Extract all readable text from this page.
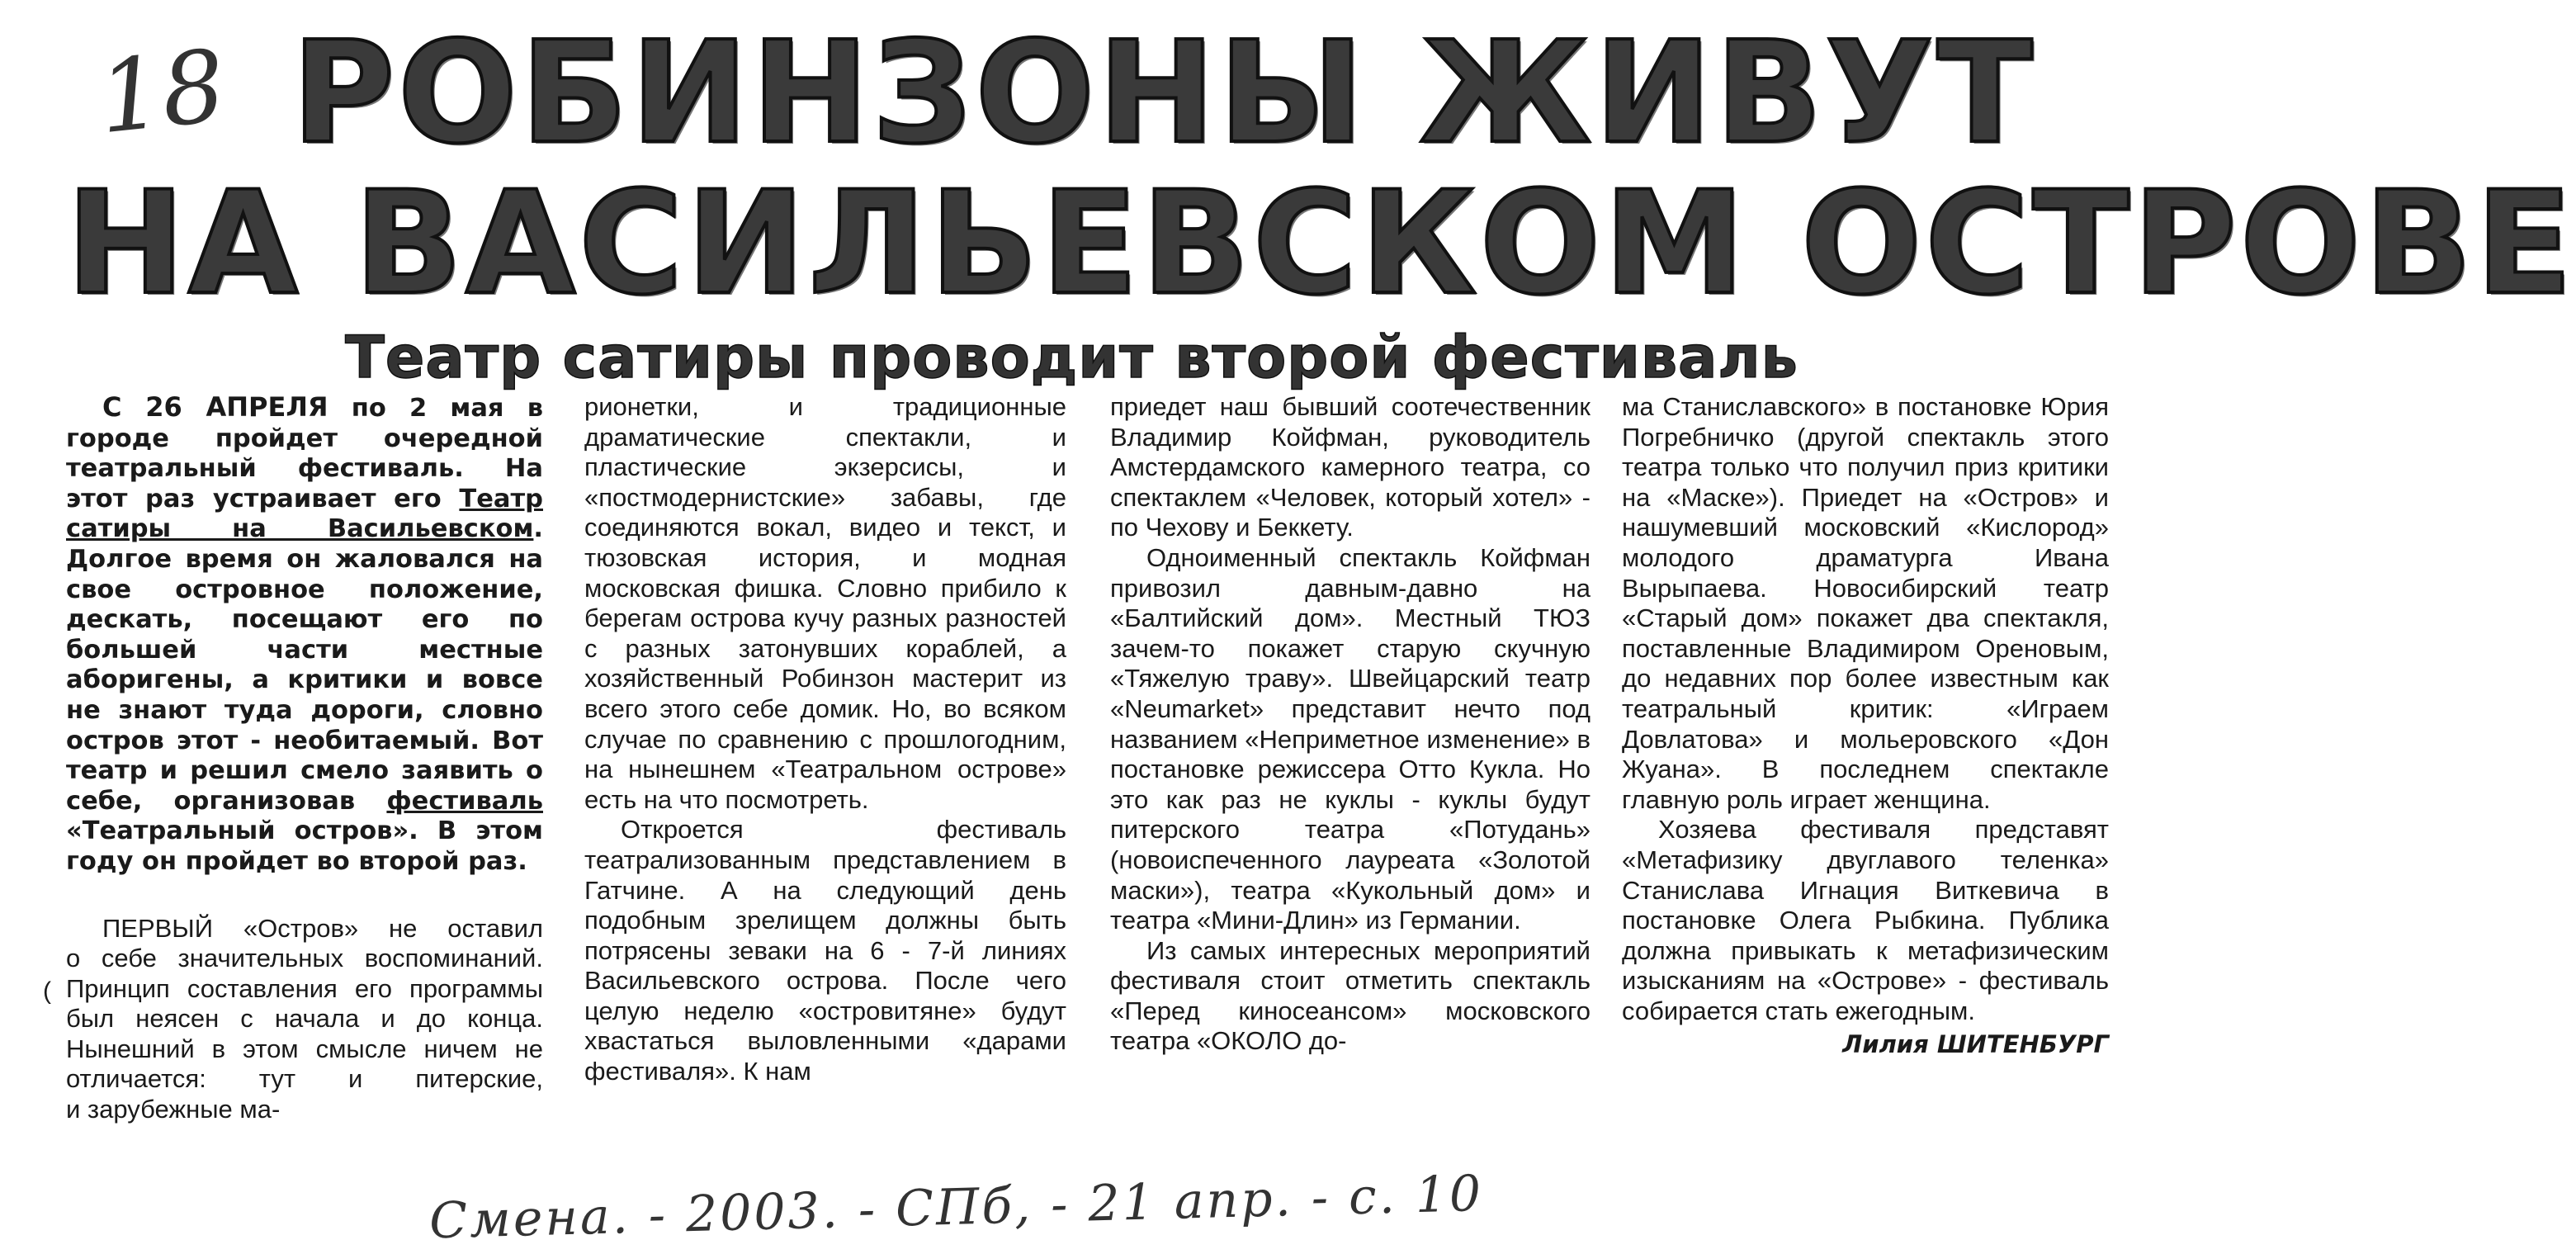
18 РОБИНЗОНЫ ЖИВУТ
НА ВАСИЛЬЕВСКОМ ОСТРОВЕ
Театр сатиры проводит второй фестиваль

С 26 АПРЕЛЯ по 2 мая в городе пройдет очередной театральный фестиваль. На этот раз устраивает его Театр сатиры на Васильевском. Долгое время он жаловался на свое островное положение, дескать, посещают его по большей части местные аборигены, а критики и вовсе не знают туда дороги, словно остров этот - необитаемый. Вот театр и решил смело заявить о себе, организовав фестиваль «Театральный остров». В этом году он пройдет во второй раз.

ПЕРВЫЙ «Остров» не оставил о себе значительных воспоминаний. Принцип составления его программы был неясен с начала и до конца. Нынешний в этом смысле ничем не отличается: тут и питерские, и зарубежные ма-

рионетки, и традиционные драматические спектакли, и пластические экзерсисы, и «постмодернистские» забавы, где соединяются вокал, видео и текст, и тюзовская история, и модная московская фишка. Словно прибило к берегам острова кучу разных разностей с разных затонувших кораблей, а хозяйственный Робинзон мастерит из всего этого себе домик. Но, во всяком случае по сравнению с прошлогодним, на нынешнем «Театральном острове» есть на что посмотреть.

Откроется фестиваль театрализованным представлением в Гатчине. А на следующий день подобным зрелищем должны быть потрясены зеваки на 6 - 7-й линиях Васильевского острова. После чего целую неделю «островитяне» будут хвастаться выловленными «дарами фестиваля». К нам

приедет наш бывший соотечественник Владимир Койфман, руководитель Амстердамского камерного театра, со спектаклем «Человек, который хотел» - по Чехову и Беккету.

Одноименный спектакль Койфман привозил давным-давно на «Балтийский дом». Местный ТЮЗ зачем-то покажет старую скучную «Тяжелую траву». Швейцарский театр «Neumarket» представит нечто под названием «Неприметное изменение» в постановке режиссера Отто Кукла. Но это как раз не куклы - куклы будут питерского театра «Потудань» (новоиспеченного лауреата «Золотой маски»), театра «Кукольный дом» и театра «Мини-Длин» из Германии.

Из самых интересных мероприятий фестиваля стоит отметить спектакль «Перед киносеансом» московского театра «ОКОЛО до-

ма Станиславского» в постановке Юрия Погребничко (другой спектакль этого театра только что получил приз критики на «Маске»). Приедет на «Остров» и нашумевший московский «Кислород» молодого драматурга Ивана Вырыпаева. Новосибирский театр «Старый дом» покажет два спектакля, поставленные Владимиром Ореновым, до недавних пор более известным как театральный критик: «Играем Довлатова» и мольеровского «Дон Жуана». В последнем спектакле главную роль играет женщина.

Хозяева фестиваля представят «Метафизику двуглавого теленка» Станислава Игнация Виткевича в постановке Олега Рыбкина. Публика должна привыкать к метафизическим изысканиям на «Острове» - фестиваль собирается стать ежегодным.

Лилия ШИТЕНБУРГ
(
Смена. - 2003. - СПб, - 21 апр. - с. 10
